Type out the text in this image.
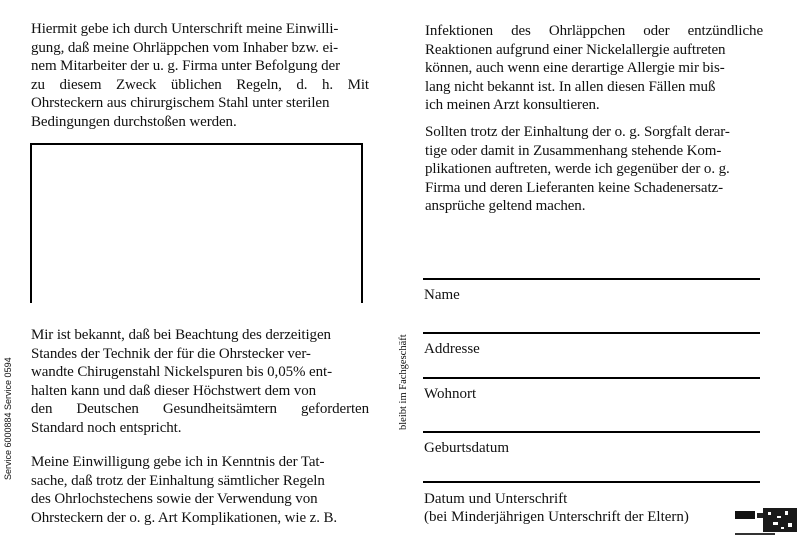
Hiermit gebe ich durch Unterschrift meine Einwilli-
gung, daß meine Ohrläppchen vom Inhaber bzw. ei-
nem Mitarbeiter der u. g. Firma unter Befolgung der
zu diesem Zweck üblichen Regeln, d. h. Mit
Ohrsteckern aus chirurgischem Stahl unter sterilen
Bedingungen durchstoßen werden.
Service 6000884 Service 0594
Mir ist bekannt, daß bei Beachtung des derzeitigen
Standes der Technik der für die Ohrstecker ver-
wandte Chirugenstahl Nickelspuren bis 0,05% ent-
halten kann und daß dieser Höchstwert dem von
den Deutschen Gesundheitsämtern geforderten
Standard noch entspricht.
Meine Einwilligung gebe ich in Kenntnis der Tat-
sache, daß trotz der Einhaltung sämtlicher Regeln
des Ohrlochstechens sowie der Verwendung von
Ohrsteckern der o. g. Art Komplikationen, wie z. B.
Infektionen des Ohrläppchen oder entzündliche
Reaktionen aufgrund einer Nickelallergie auftreten
können, auch wenn eine derartige Allergie mir bis-
lang nicht bekannt ist. In allen diesen Fällen muß
ich meinen Arzt konsultieren.
Sollten trotz der Einhaltung der o. g. Sorgfalt derar-
tige oder damit in Zusammenhang stehende Kom-
plikationen auftreten, werde ich gegenüber der o. g.
Firma und deren Lieferanten keine Schadenersatz-
ansprüche geltend machen.
bleibt im Fachgeschäft
Name
Addresse
Wohnort
Geburtsdatum
Datum und Unterschrift
(bei Minderjährigen Unterschrift der Eltern)
